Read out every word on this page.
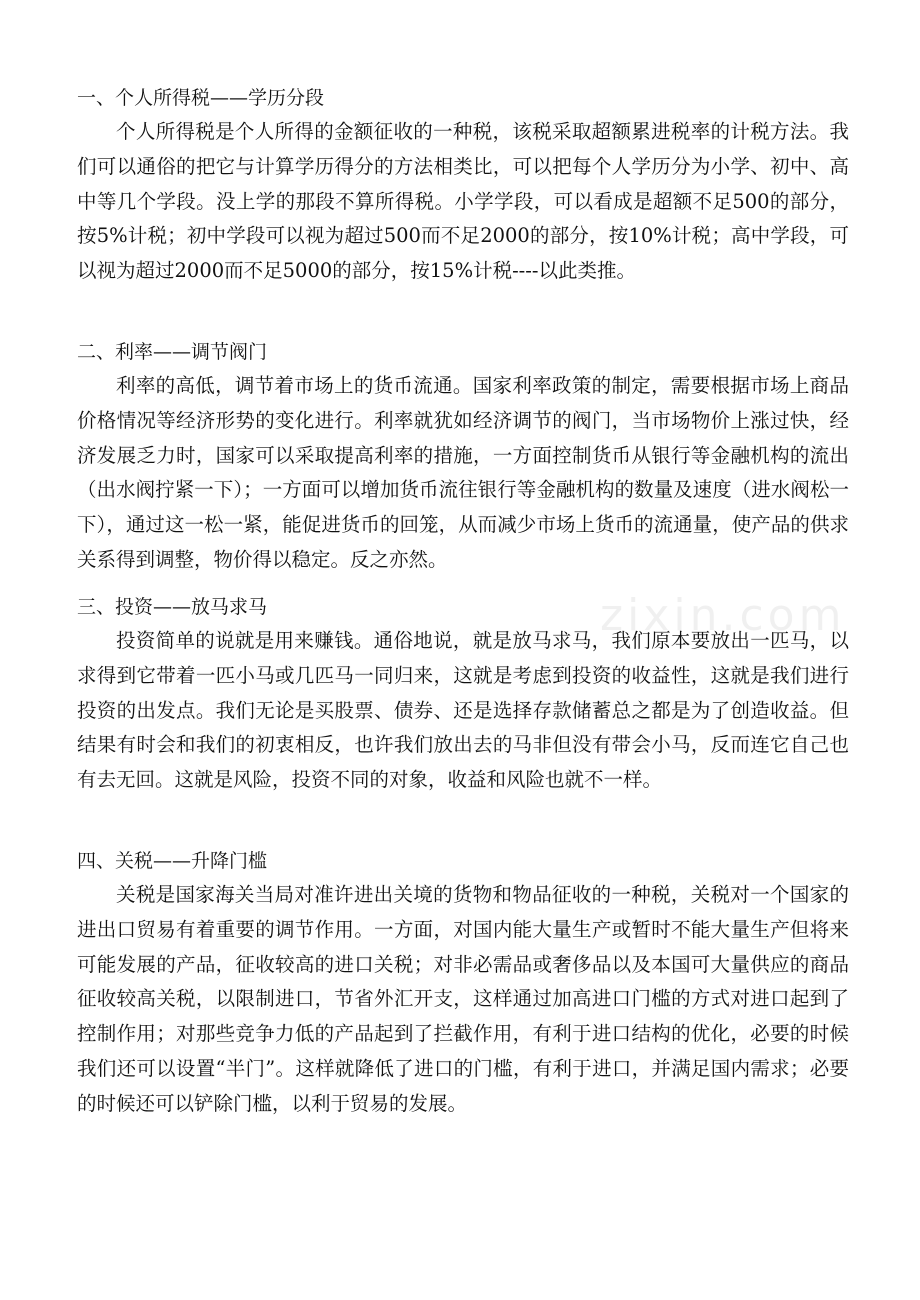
zixin.com
一、个人所得税——学历分段

个人所得税是个人所得的金额征收的一种税，该税采取超额累进税率的计税方法。我们可以通俗的把它与计算学历得分的方法相类比，可以把每个人学历分为小学、初中、高中等几个学段。没上学的那段不算所得税。小学学段，可以看成是超额不足500的部分，按5%计税；初中学段可以视为超过500而不足2000的部分，按10%计税；高中学段，可以视为超过2000而不足5000的部分，按15%计税----以此类推。

二、利率——调节阀门

利率的高低，调节着市场上的货币流通。国家利率政策的制定，需要根据市场上商品价格情况等经济形势的变化进行。利率就犹如经济调节的阀门，当市场物价上涨过快，经济发展乏力时，国家可以采取提高利率的措施，一方面控制货币从银行等金融机构的流出（出水阀拧紧一下）；一方面可以增加货币流往银行等金融机构的数量及速度（进水阀松一下），通过这一松一紧，能促进货币的回笼，从而减少市场上货币的流通量，使产品的供求关系得到调整，物价得以稳定。反之亦然。

三、投资——放马求马

投资简单的说就是用来赚钱。通俗地说，就是放马求马，我们原本要放出一匹马，以求得到它带着一匹小马或几匹马一同归来，这就是考虑到投资的收益性，这就是我们进行投资的出发点。我们无论是买股票、债券、还是选择存款储蓄总之都是为了创造收益。但结果有时会和我们的初衷相反，也许我们放出去的马非但没有带会小马，反而连它自己也有去无回。这就是风险，投资不同的对象，收益和风险也就不一样。

四、关税——升降门槛

关税是国家海关当局对准许进出关境的货物和物品征收的一种税，关税对一个国家的进出口贸易有着重要的调节作用。一方面，对国内能大量生产或暂时不能大量生产但将来可能发展的产品，征收较高的进口关税；对非必需品或奢侈品以及本国可大量供应的商品征收较高关税，以限制进口，节省外汇开支，这样通过加高进口门槛的方式对进口起到了控制作用；对那些竞争力低的产品起到了拦截作用，有利于进口结构的优化，必要的时候我们还可以设置“半门”。这样就降低了进口的门槛，有利于进口，并满足国内需求；必要的时候还可以铲除门槛，以利于贸易的发展。
